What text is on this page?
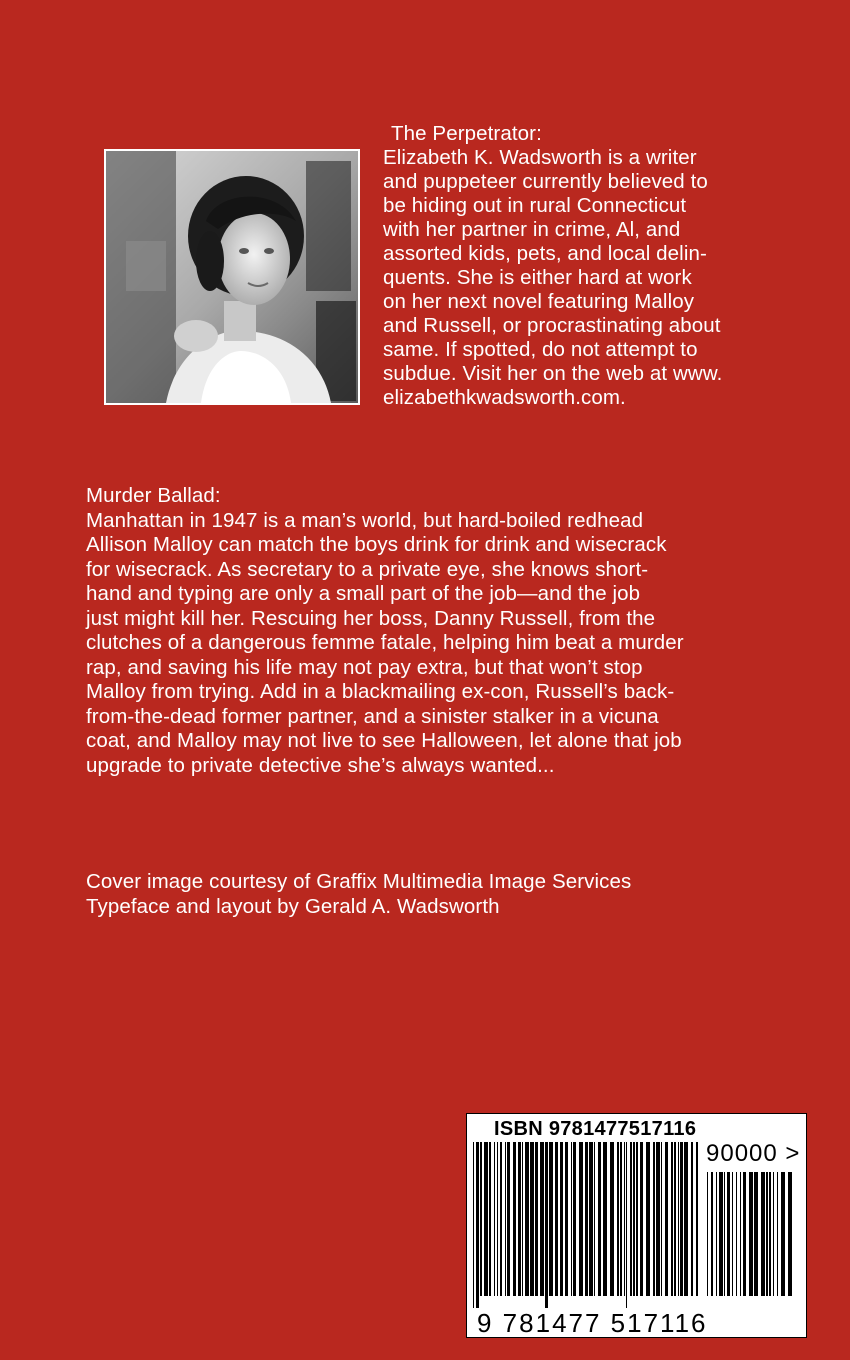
The Perpetrator:
Elizabeth K. Wadsworth is a writer
and puppeteer currently believed to
be hiding out in rural Connecticut
with her partner in crime, Al, and
assorted kids, pets, and local delin-
quents. She is either hard at work
on her next novel featuring Malloy
and Russell, or procrastinating about
same. If spotted, do not attempt to
subdue. Visit her on the web at www.
elizabethkwadsworth.com.
Murder Ballad:
Manhattan in 1947 is a man’s world, but hard-boiled redhead
Allison Malloy can match the boys drink for drink and wisecrack
for wisecrack. As secretary to a private eye, she knows short-
hand and typing are only a small part of the job—and the job
just might kill her. Rescuing her boss, Danny Russell, from the
clutches of a dangerous femme fatale, helping him beat a murder
rap, and saving his life may not pay extra, but that won’t stop
Malloy from trying. Add in a blackmailing ex-con, Russell’s back-
from-the-dead former partner, and a sinister stalker in a vicuna
coat, and Malloy may not live to see Halloween, let alone that job
upgrade to private detective she’s always wanted...
Cover image courtesy of Graffix Multimedia Image Services
Typeface and layout by Gerald A. Wadsworth
ISBN 9781477517116
90000 >
9 781477 517116
